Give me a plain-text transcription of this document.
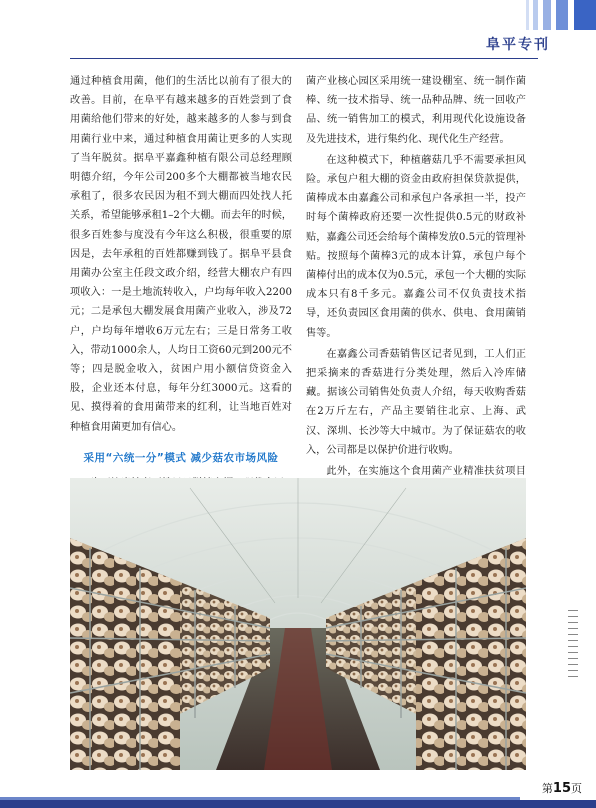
阜平专刊

通过种植食用菌，他们的生活比以前有了很大的改善。目前，在阜平有越来越多的百姓尝到了食用菌给他们带来的好处，越来越多的人参与到食用菌行业中来，通过种植食用菌让更多的人实现了当年脱贫。据阜平嘉鑫种植有限公司总经理顾明德介绍，今年公司200多个大棚都被当地农民承租了，很多农民因为租不到大棚而四处找人托关系，希望能够承租1–2个大棚。而去年的时候，很多百姓参与度没有今年这么积极，很重要的原因是，去年承租的百姓都赚到钱了。据阜平县食用菌办公室主任段文政介绍，经营大棚农户有四项收入：一是土地流转收入，户均每年收入2200元；二是承包大棚发展食用菌产业收入，涉及72户，户均每年增收6万元左右；三是日常务工收入，带动1000余人，人均日工资60元到200元不等；四是脱金收入，贫困户用小额信贷资金入股，企业还本付息，每年分红3000元。这看的见、摸得着的食用菌带来的红利，让当地百姓对种植食用菌更加有信心。

采用“六统一分”模式 减少菇农市场风险

菌产业核心园区采用统一建设棚室、统一制作菌棒、统一技术指导、统一品种品牌、统一回收产品、统一销售加工的模式，利用现代化设施设备及先进技术，进行集约化、现代化生产经营。

在这种模式下，种植蘑菇几乎不需要承担风险。承包户租大棚的资金由政府担保贷款提供，菌棒成本由嘉鑫公司和承包户各承担一半，投产时每个菌棒政府还要一次性提供0.5元的财政补贴，嘉鑫公司还会给每个菌棒发放0.5元的管理补贴。按照每个菌棒3元的成本计算，承包户每个菌棒付出的成本仅为0.5元，承包一个大棚的实际成本只有8千多元。嘉鑫公司不仅负责技术指导，还负责园区食用菌的供水、供电、食用菌销售等。

在嘉鑫公司香菇销售区记者见到，工人们正把采摘来的香菇进行分类处理，然后入冷库储藏。据该公司销售处负责人介绍，每天收购香菇在2万斤左右，产品主要销往北京、上海、武汉、深圳、长沙等大中城市。为了保证菇农的收入，公司都是以保护价进行收购。

此外，在实施这个食用菌产业精准扶贫项目

第15页
